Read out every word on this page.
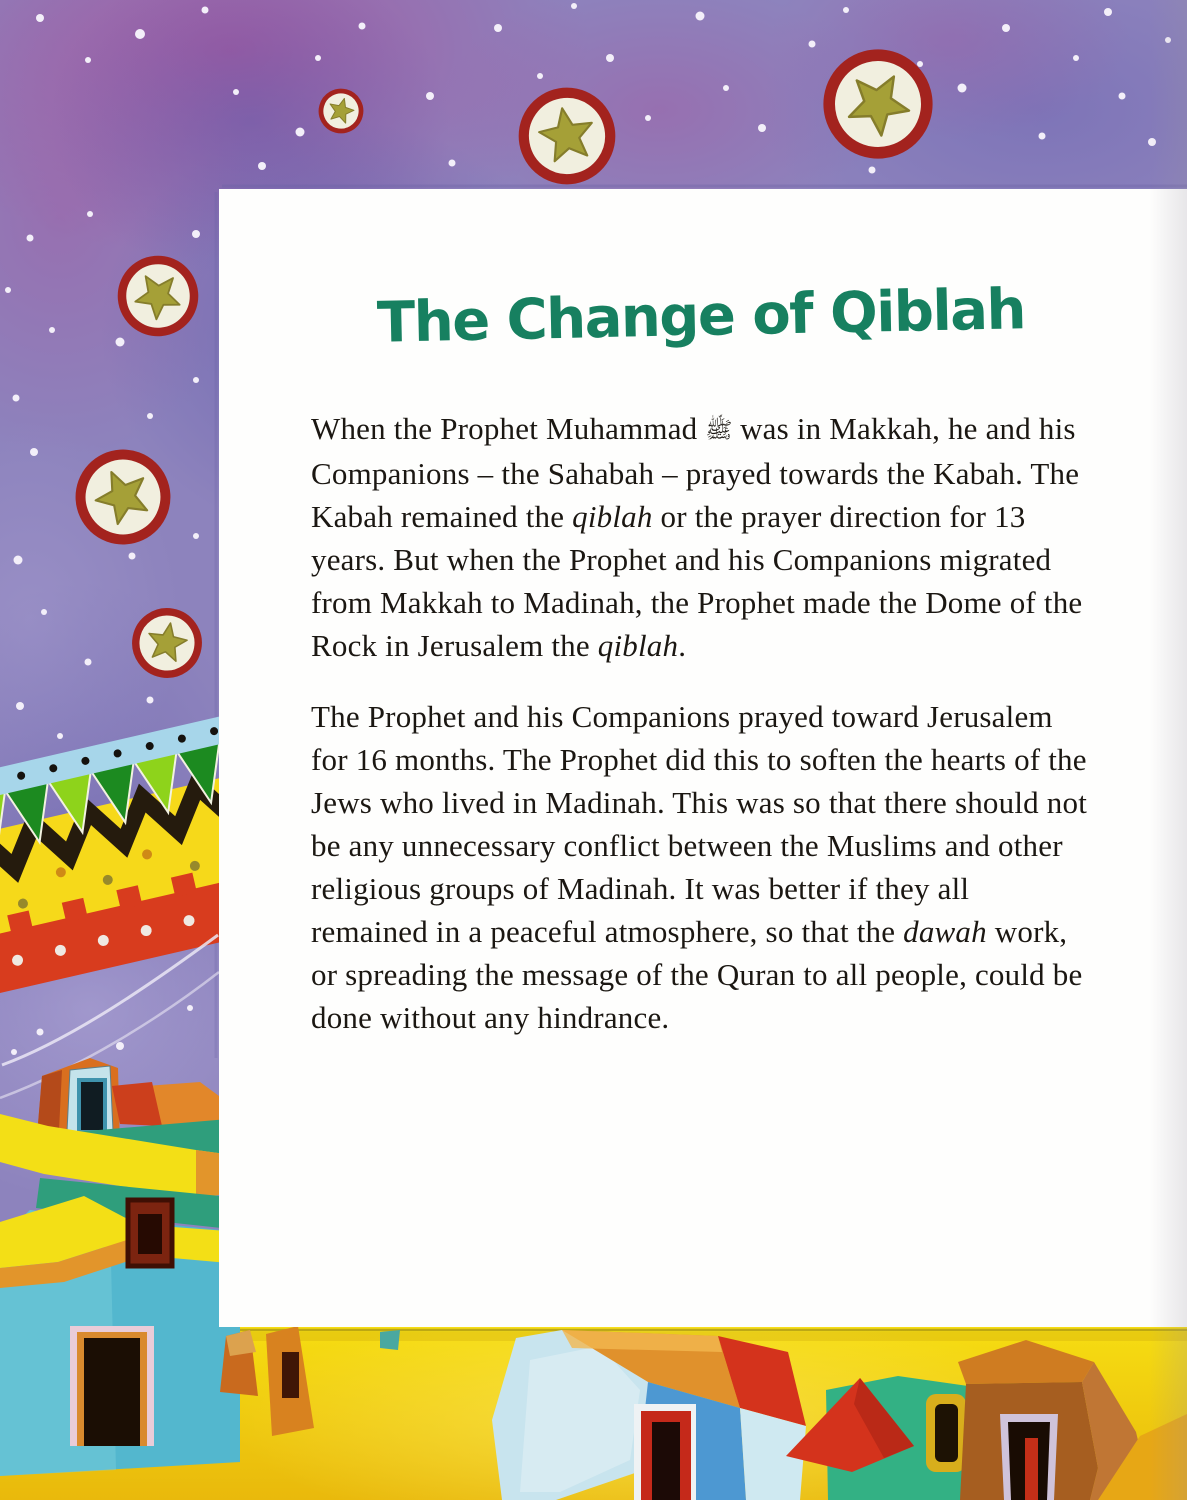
The Change of Qiblah

When the Prophet Muhammad ﷺ was in Makkah, he and his Companions – the Sahabah – prayed towards the Kabah. The Kabah remained the qiblah or the prayer direction for 13 years. But when the Prophet and his Companions migrated from Makkah to Madinah, the Prophet made the Dome of the Rock in Jerusalem the qiblah.

The Prophet and his Companions prayed toward Jerusalem for 16 months. The Prophet did this to soften the hearts of the Jews who lived in Madinah. This was so that there should not be any unnecessary conflict between the Muslims and other religious groups of Madinah. It was better if they all remained in a peaceful atmosphere, so that the dawah work, or spreading the message of the Quran to all people, could be done without any hindrance.
